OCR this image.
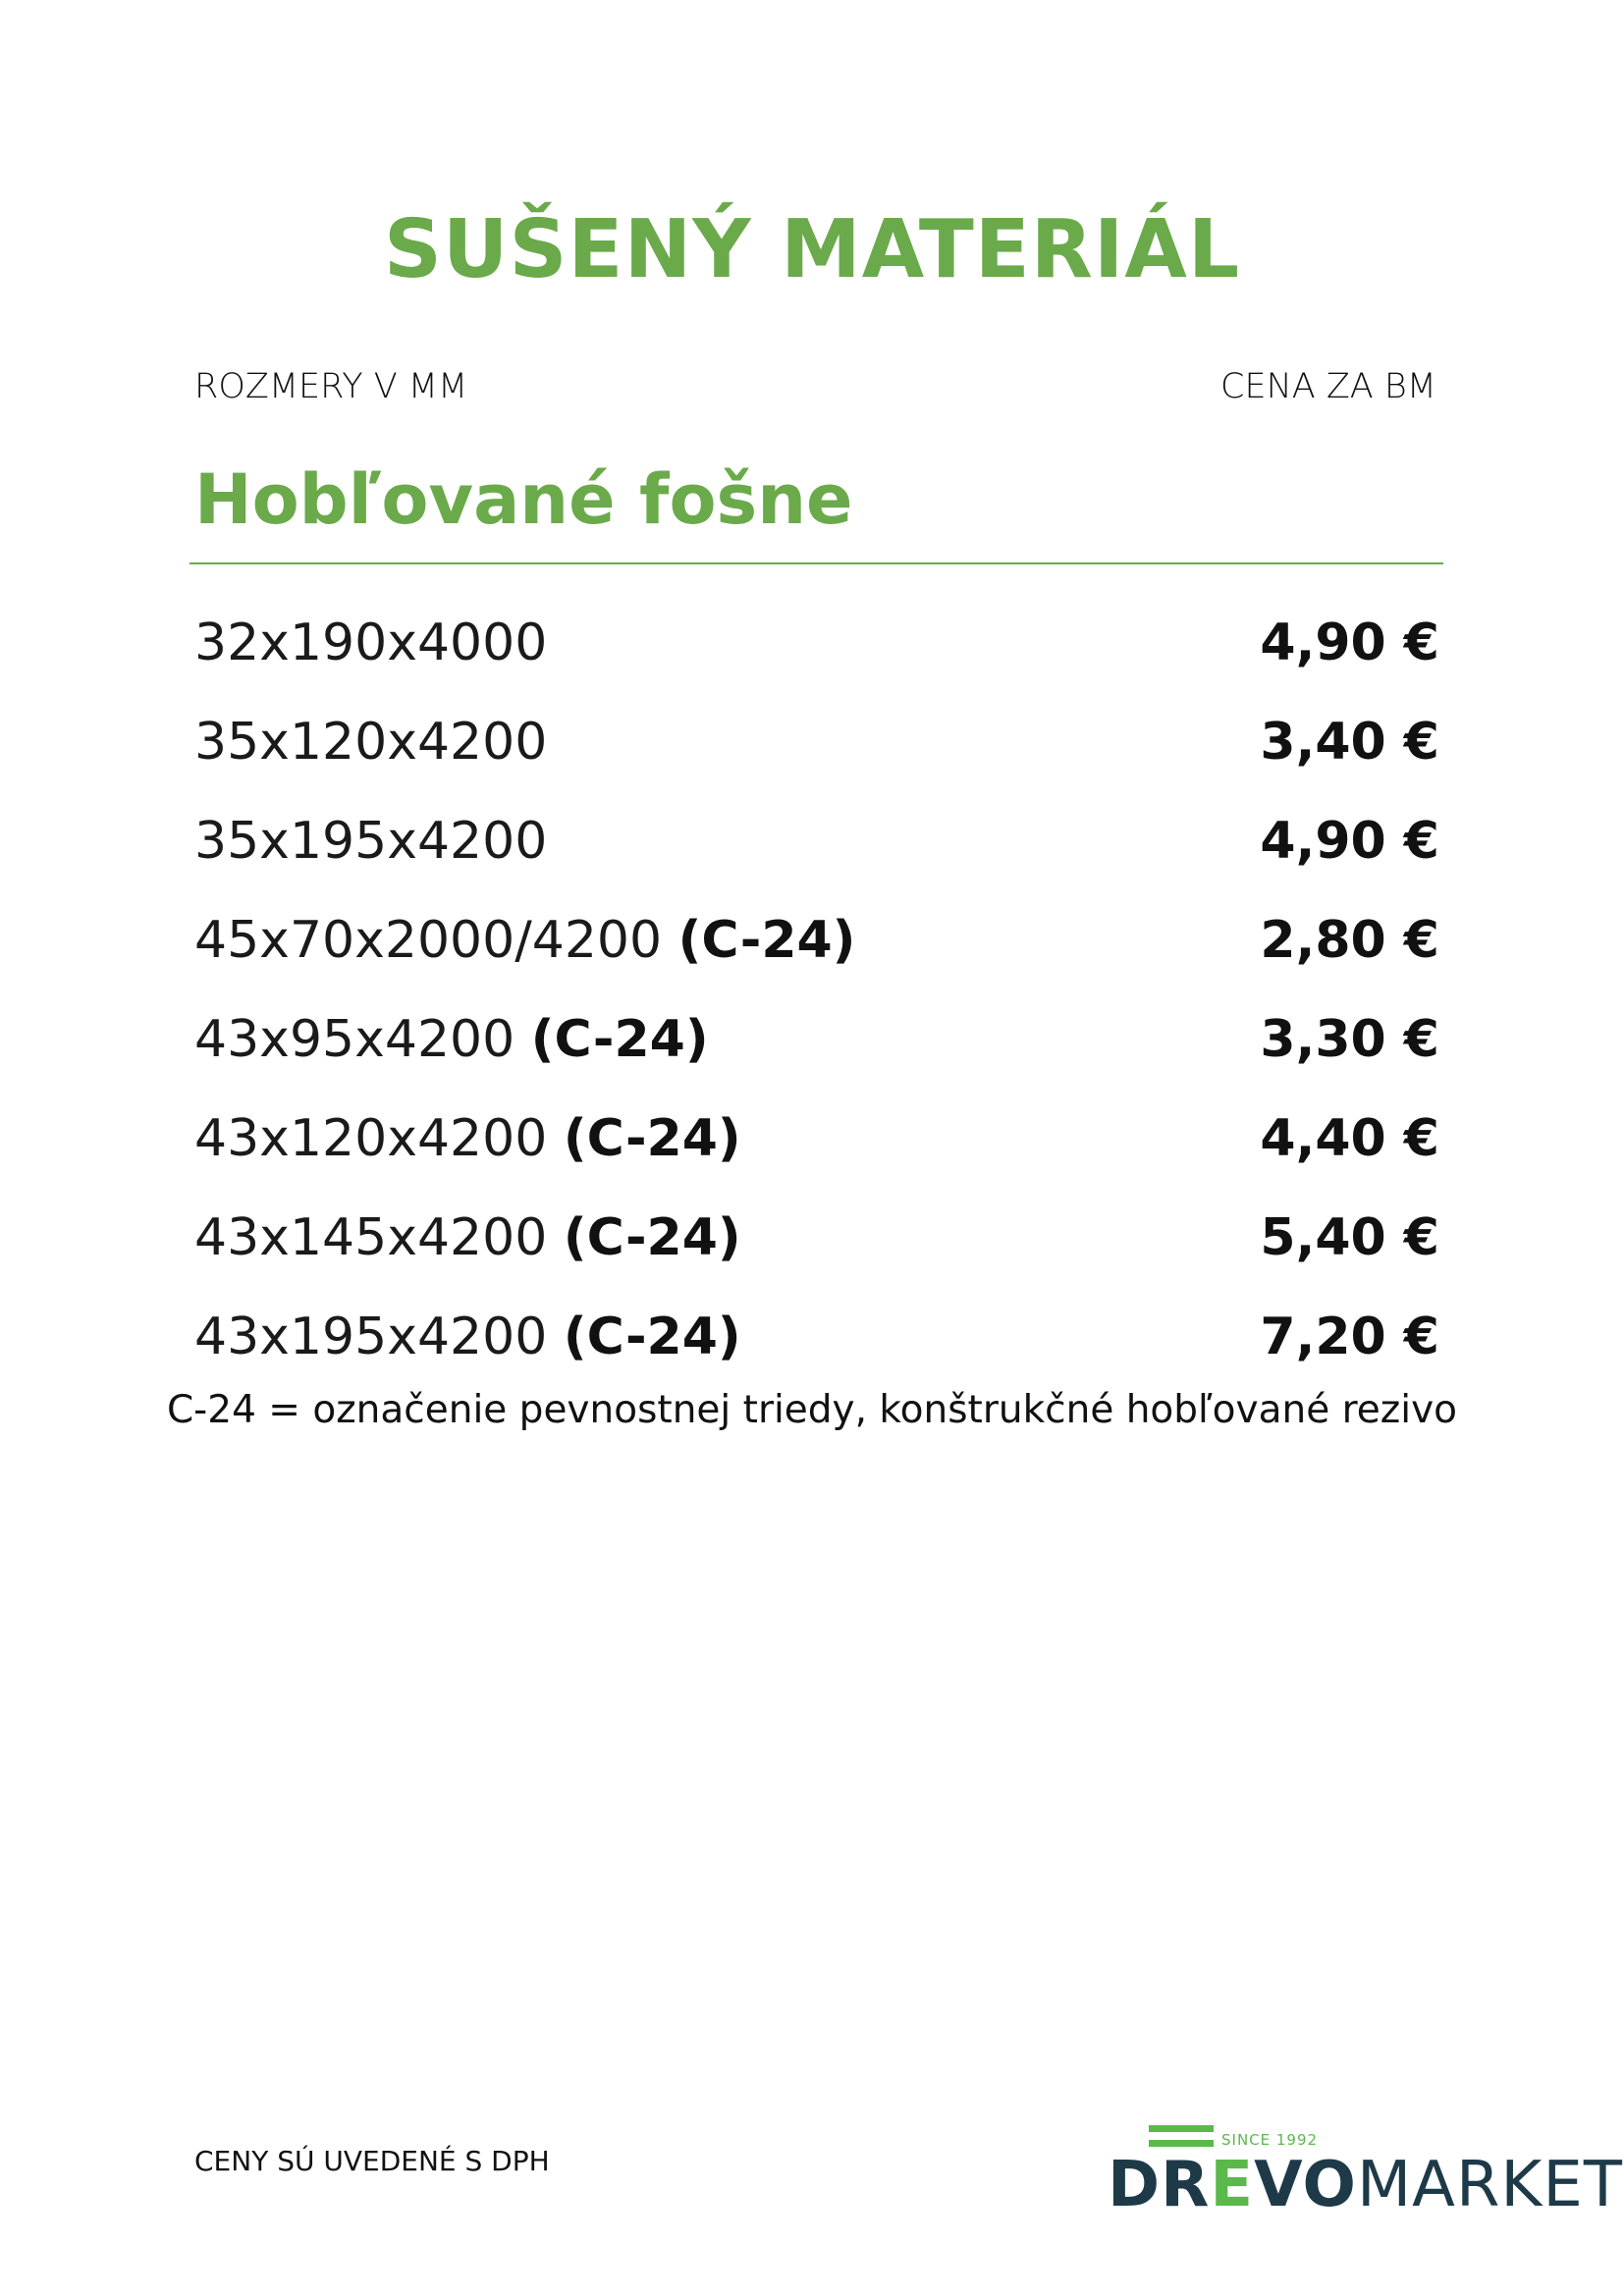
SUŠENÝ MATERIÁL
ROZMERY V MM	CENA ZA BM
Hobľované fošne
32x190x4000	4,90 €
35x120x4200	3,40 €
35x195x4200	4,90 €
45x70x2000/4200 (C-24)	2,80 €
43x95x4200 (C-24)	3,30 €
43x120x4200 (C-24)	4,40 €
43x145x4200 (C-24)	5,40 €
43x195x4200 (C-24)	7,20 €
C-24 = označenie pevnostnej triedy, konštrukčné hobľované rezivo
CENY SÚ UVEDENÉ S DPH
SINCE 1992
DREVOMARKET
